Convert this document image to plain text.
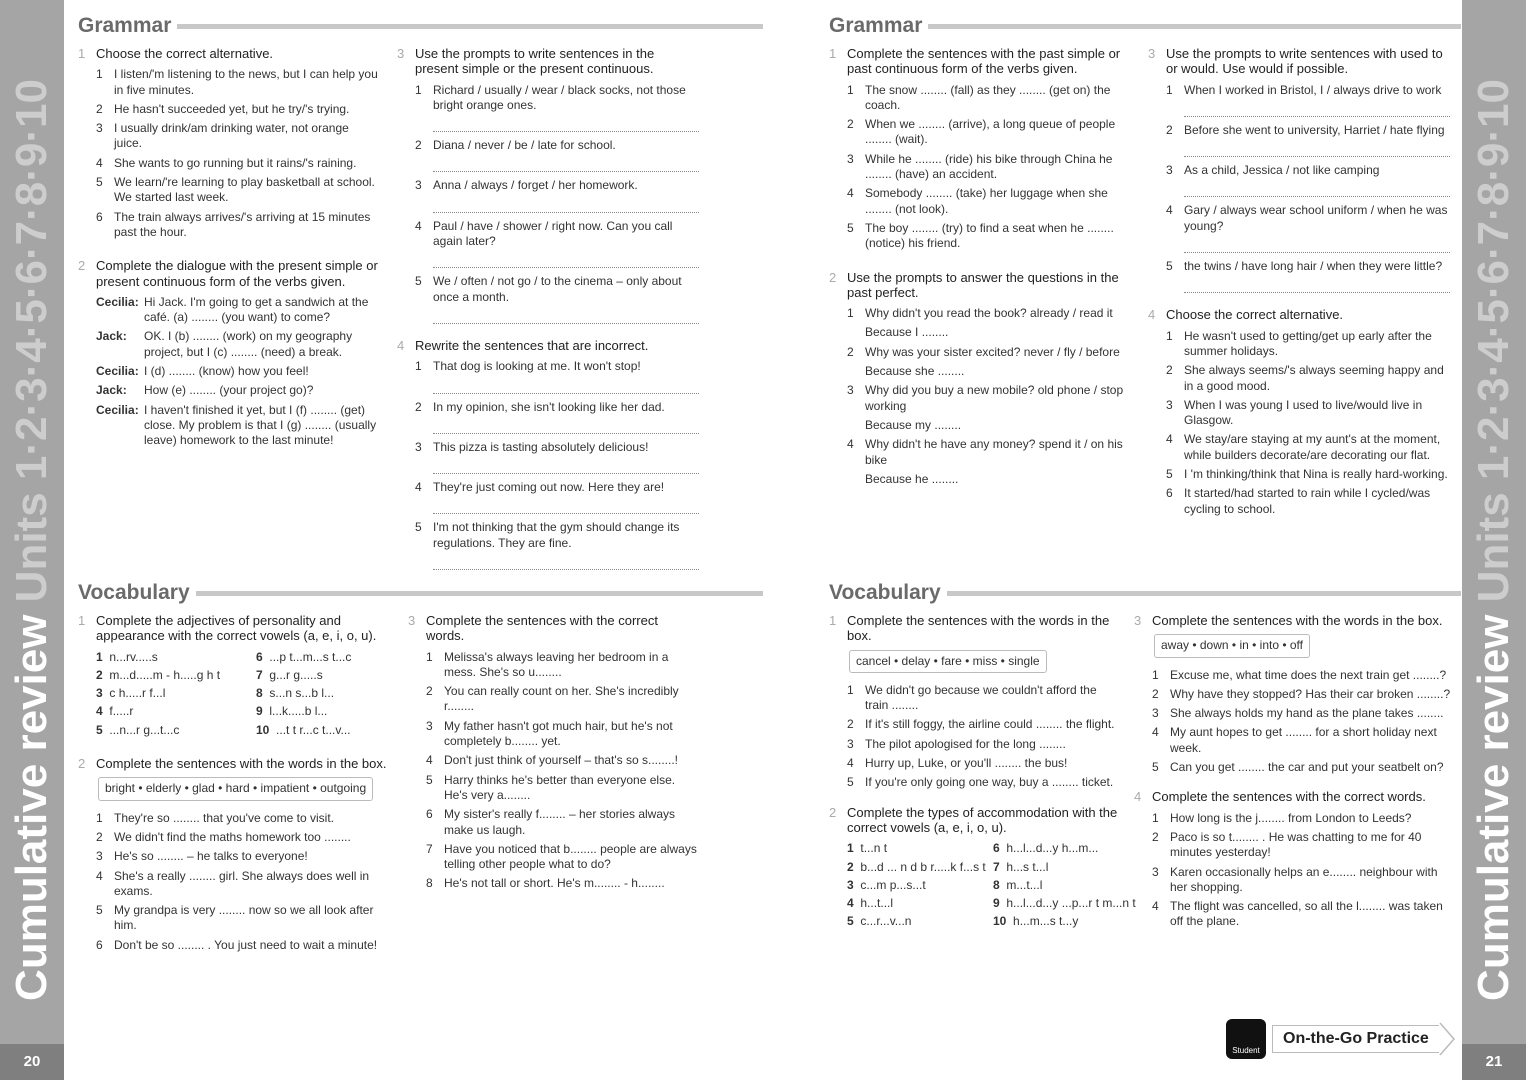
Cumulative review Units 1·2·3·4·5·6·7·8·9·10
20
Cumulative review Units 1·2·3·4·5·6·7·8·9·10
21
Grammar
Vocabulary
Grammar
Vocabulary
1 Choose the correct alternative.
1 I listen/'m listening to the news, but I can help you in five minutes.
2 He hasn't succeeded yet, but he try/'s trying.
3 I usually drink/am drinking water, not orange juice.
4 She wants to go running but it rains/'s raining.
5 We learn/'re learning to play basketball at school. We started last week.
6 The train always arrives/'s arriving at 15 minutes past the hour.
2 Complete the dialogue with the present simple or present continuous form of the verbs given.
Cecilia: Hi Jack. I'm going to get a sandwich at the café. (a) ........ (you want) to come?
Jack:	OK. I (b) ........ (work) on my geography project, but I (c) ........ (need) a break.
Cecilia: I (d) ........ (know) how you feel!
Jack:	How (e) ........ (your project go)?
Cecilia: I haven't finished it yet, but I (f) ........ (get) close. My problem is that I (g) ........ (usually leave) homework to the last minute!
3 Use the prompts to write sentences in the present simple or the present continuous.
1 Richard / usually / wear / black socks, not those bright orange ones.
2 Diana / never / be / late for school.
3 Anna / always / forget / her homework.
4 Paul / have / shower / right now. Can you call again later?
5 We / often / not go / to the cinema – only about once a month.
4 Rewrite the sentences that are incorrect.
1 That dog is looking at me. It won't stop!
2 In my opinion, she isn't looking like her dad.
3 This pizza is tasting absolutely delicious!
4 They're just coming out now. Here they are!
5 I'm not thinking that the gym should change its regulations. They are fine.
1 Complete the adjectives of personality and appearance with the correct vowels (a, e, i, o, u).
1 n...rv.....s	6 ...p t...m...s t...c
2 m...d.....m - h.....g h t	7 g...r g.....s
3 c h.....r f...l	8 s...n s...b l...
4 f.....r	9 l...k.....b l...
5 ...n...r g...t...c	10 ...t t r...c t...v...
2 Complete the sentences with the words in the box.
bright • elderly • glad • hard • impatient • outgoing
1 They're so ........ that you've come to visit.
2 We didn't find the maths homework too ........
3 He's so ........ – he talks to everyone!
4 She's a really ........ girl. She always does well in exams.
5 My grandpa is very ........ now so we all look after him.
6 Don't be so ........ . You just need to wait a minute!
3 Complete the sentences with the correct words.
1 Melissa's always leaving her bedroom in a mess. She's so u........
2 You can really count on her. She's incredibly r........
3 My father hasn't got much hair, but he's not completely b........ yet.
4 Don't just think of yourself – that's so s........!
5 Harry thinks he's better than everyone else. He's very a........
6 My sister's really f........ – her stories always make us laugh.
7 Have you noticed that b........ people are always telling other people what to do?
8 He's not tall or short. He's m........ - h........
1 Complete the sentences with the past simple or past continuous form of the verbs given.
1 The snow ........ (fall) as they ........ (get on) the coach.
2 When we ........ (arrive), a long queue of people ........ (wait).
3 While he ........ (ride) his bike through China he ........ (have) an accident.
4 Somebody ........ (take) her luggage when she ........ (not look).
5 The boy ........ (try) to find a seat when he ........ (notice) his friend.
2 Use the prompts to answer the questions in the past perfect.
1 Why didn't you read the book? already / read it
Because I ........
2 Why was your sister excited? never / fly / before
Because she ........
3 Why did you buy a new mobile? old phone / stop working
Because my ........
4 Why didn't he have any money? spend it / on his bike
Because he ........
3 Use the prompts to write sentences with used to or would. Use would if possible.
1 When I worked in Bristol, I / always drive to work
2 Before she went to university, Harriet / hate flying
3 As a child, Jessica / not like camping
4 Gary / always wear school uniform / when he was young?
5 the twins / have long hair / when they were little?
4 Choose the correct alternative.
1 He wasn't used to getting/get up early after the summer holidays.
2 She always seems/'s always seeming happy and in a good mood.
3 When I was young I used to live/would live in Glasgow.
4 We stay/are staying at my aunt's at the moment, while builders decorate/are decorating our flat.
5 I 'm thinking/think that Nina is really hard-working.
6 It started/had started to rain while I cycled/was cycling to school.
1 Complete the sentences with the words in the box.
cancel • delay • fare • miss • single
1 We didn't go because we couldn't afford the train ........
2 If it's still foggy, the airline could ........ the flight.
3 The pilot apologised for the long ........
4 Hurry up, Luke, or you'll ........ the bus!
5 If you're only going one way, buy a ........ ticket.
2 Complete the types of accommodation with the correct vowels (a, e, i, o, u).
1 t...n t	6 h...l...d...y h...m...
2 b...d ... n d b r.....k f...s t 7 h...s t...l
3 c...m p...s...t	8 m...t...l
4 h...t...l	9 h...l...d...y ...p...r t m...n t
5 c...r...v...n	10 h...m...s t...y
3 Complete the sentences with the words in the box.
away • down • in • into • off
1 Excuse me, what time does the next train get ........?
2 Why have they stopped? Has their car broken ........?
3 She always holds my hand as the plane takes ........
4 My aunt hopes to get ........ for a short holiday next week.
5 Can you get ........ the car and put your seatbelt on?
4 Complete the sentences with the correct words.
1 How long is the j........ from London to Leeds?
2 Paco is so t........ . He was chatting to me for 40 minutes yesterday!
3 Karen occasionally helps an e........ neighbour with her shopping.
4 The flight was cancelled, so all the l........ was taken off the plane.
Student
On-the-Go Practice
